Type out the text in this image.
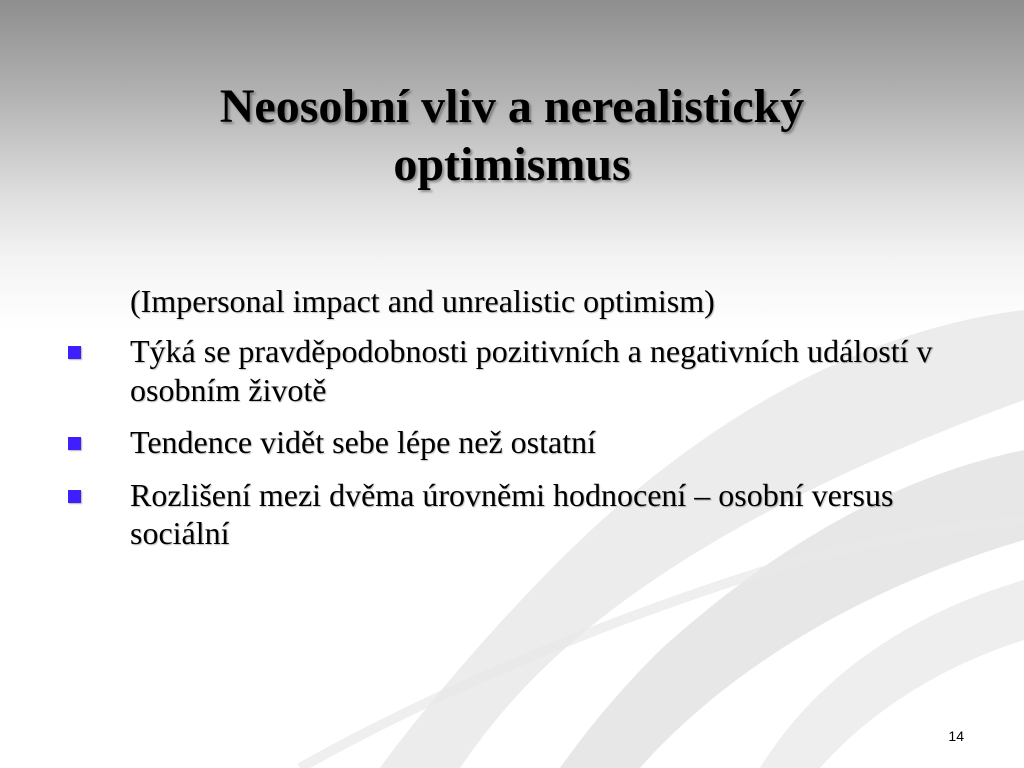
Neosobní vliv a nerealistický optimismus
(Impersonal impact and unrealistic optimism)
Týká se pravděpodobnosti pozitivních a negativních událostí v osobním životě
Tendence vidět sebe lépe než ostatní
Rozlišení mezi dvěma úrovněmi hodnocení – osobní versus sociální
14
